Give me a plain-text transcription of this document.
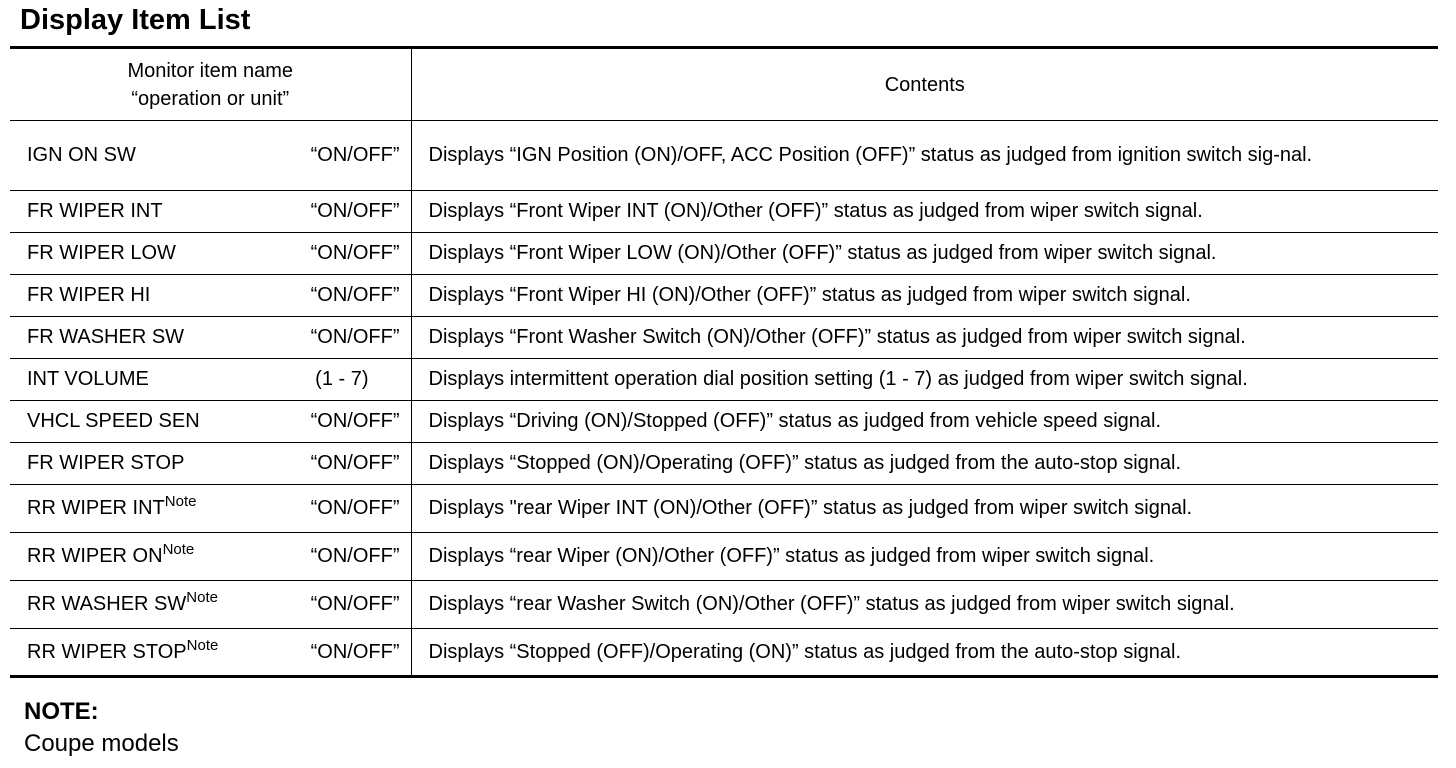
Display Item List
Monitor item name
“operation or unit”	Contents

IGN ON SW “ON/OFF”	Displays “IGN Position (ON)/OFF, ACC Position (OFF)” status as judged from ignition switch sig-nal.

FR WIPER INT “ON/OFF”	Displays “Front Wiper INT (ON)/Other (OFF)” status as judged from wiper switch signal.

FR WIPER LOW “ON/OFF”	Displays “Front Wiper LOW (ON)/Other (OFF)” status as judged from wiper switch signal.

FR WIPER HI “ON/OFF”	Displays “Front Wiper HI (ON)/Other (OFF)” status as judged from wiper switch signal.

FR WASHER SW “ON/OFF”	Displays “Front Washer Switch (ON)/Other (OFF)” status as judged from wiper switch signal.

INT VOLUME (1 - 7)	Displays intermittent operation dial position setting (1 - 7) as judged from wiper switch signal.

VHCL SPEED SEN “ON/OFF”	Displays “Driving (ON)/Stopped (OFF)” status as judged from vehicle speed signal.

FR WIPER STOP “ON/OFF”	Displays “Stopped (ON)/Operating (OFF)” status as judged from the auto-stop signal.

RR WIPER INT$^{Note}$ “ON/OFF”	Displays "rear Wiper INT (ON)/Other (OFF)” status as judged from wiper switch signal.

RR WIPER ON$^{Note}$ “ON/OFF”	Displays “rear Wiper (ON)/Other (OFF)” status as judged from wiper switch signal.

RR WASHER SW$^{Note}$ “ON/OFF”	Displays “rear Washer Switch (ON)/Other (OFF)” status as judged from wiper switch signal.

RR WIPER STOP$^{Note}$ “ON/OFF”	Displays “Stopped (OFF)/Operating (ON)” status as judged from the auto-stop signal.
NOTE:
Coupe models
